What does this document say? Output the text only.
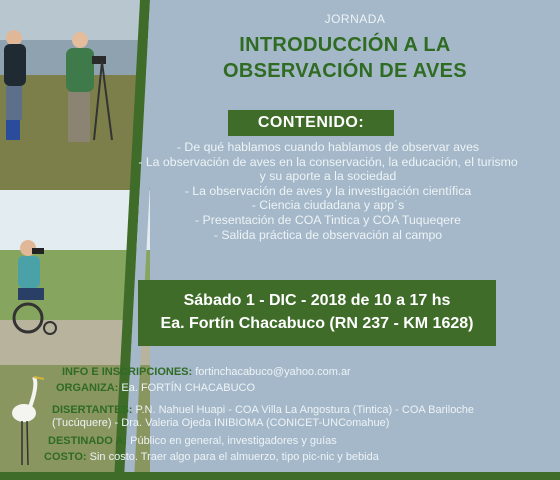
JORNADA
INTRODUCCIÓN A LA
OBSERVACIÓN DE AVES
CONTENIDO:
- De qué hablamos cuando hablamos de observar aves
- La observación de aves en la conservación, la educación, el turismo
y su aporte a la sociedad
- La observación de aves y la investigación científica
- Ciencia ciudadana y app´s
- Presentación de COA Tintica y COA Tuqueqere
- Salida práctica de observación al campo
Sábado 1 - DIC - 2018 de 10 a 17 hs
Ea. Fortín Chacabuco (RN 237 - KM 1628)
INFO E INSCRIPCIONES: fortinchacabuco@yahoo.com.ar
ORGANIZA: Ea. FORTÍN CHACABUCO
DISERTANTES: P.N. Nahuel Huapi - COA Villa La Angostura (Tintica) - COA Bariloche
(Tucúquere) - Dra. Valeria Ojeda INIBIOMA (CONICET-UNComahue)
DESTINADO A: Público en general, investigadores y guías
COSTO: Sin costo. Traer algo para el almuerzo, tipo pic-nic y bebida
